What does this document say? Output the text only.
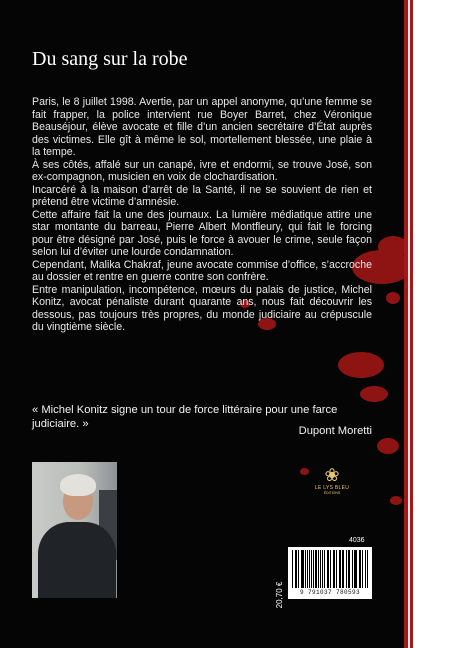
Du sang sur la robe

Paris, le 8 juillet 1998. Avertie, par un appel anonyme, qu’une femme se fait frapper, la police intervient rue Boyer Barret, chez Véronique Beauséjour, élève avocate et fille d’un ancien secrétaire d’État auprès des victimes. Elle gît à même le sol, mortellement blessée, une plaie à la tempe.

À ses côtés, affalé sur un canapé, ivre et endormi, se trouve José, son ex-compagnon, musicien en voix de clochardisation.

Incarcéré à la maison d’arrêt de la Santé, il ne se souvient de rien et prétend être victime d’amnésie.

Cette affaire fait la une des journaux. La lumière médiatique attire une star montante du barreau, Pierre Albert Montfleury, qui fait le forcing pour être désigné par José, puis le force à avouer le crime, seule façon selon lui d’éviter une lourde condamnation.

Cependant, Malika Chakraf, jeune avocate commise d’office, s’accroche au dossier et rentre en guerre contre son confrère.

Entre manipulation, incompétence, mœurs du palais de justice, Michel Konitz, avocat pénaliste durant quarante ans, nous fait découvrir les dessous, pas toujours très propres, du monde judiciaire au crépuscule du vingtième siècle.

« Michel Konitz signe un tour de force littéraire pour une farce judiciaire. »
Dupont Moretti
❀
LE LYS BLEU
ÉDITIONS
4036
20,70 €	9 791037 780593
